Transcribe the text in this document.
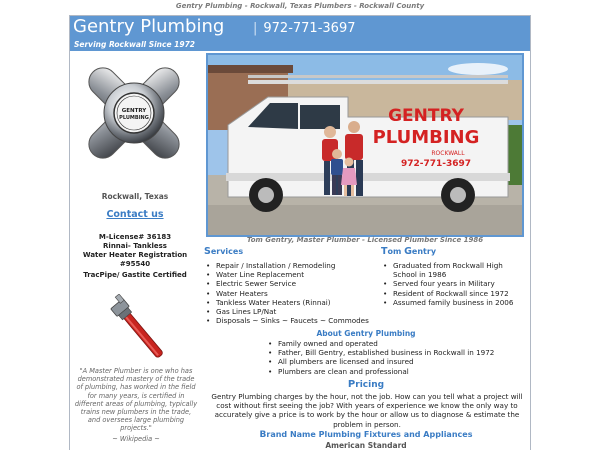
Gentry Plumbing - Rockwall, Texas Plumbers - Rockwall County
Gentry Plumbing | 972-771-3697
Serving Rockwall Since 1972
GENTRY
PLUMBING
Rockwall, Texas
Contact us
M-License# 36183
Rinnai- Tankless
Water Heater Registration
#95540
TracPipe/ Gastite Certified
"A Master Plumber is one who has demonstrated mastery of the trade of plumbing, has worked in the field for many years, is certified in different areas of plumbing, typically trains new plumbers in the trade, and oversees large plumbing projects."
~ Wikipedia ~
GENTRY
PLUMBING
ROCKWALL
972-771-3697
Tom Gentry, Master Plumber - Licensed Plumber Since 1986
Services
• Repair / Installation / Remodeling
• Water Line Replacement
• Electric Sewer Service
• Water Heaters
• Tankless Water Heaters (Rinnai)
• Gas Lines LP/Nat
• Disposals ~ Sinks ~ Faucets ~ Commodes
Tom Gentry
• Graduated from Rockwall High School in 1986
• Served four years in Military
• Resident of Rockwall since 1972
• Assumed family business in 2006
About Gentry Plumbing
• Family owned and operated
• Father, Bill Gentry, established business in Rockwall in 1972
• All plumbers are licensed and insured
• Plumbers are clean and professional
Pricing
Gentry Plumbing charges by the hour, not the job. How can you tell what a project will cost without first seeing the job? With years of experience we know the only way to accurately give a price is to work by the hour or allow us to diagnose & estimate the problem in person.
Brand Name Plumbing Fixtures and Appliances
American Standard
